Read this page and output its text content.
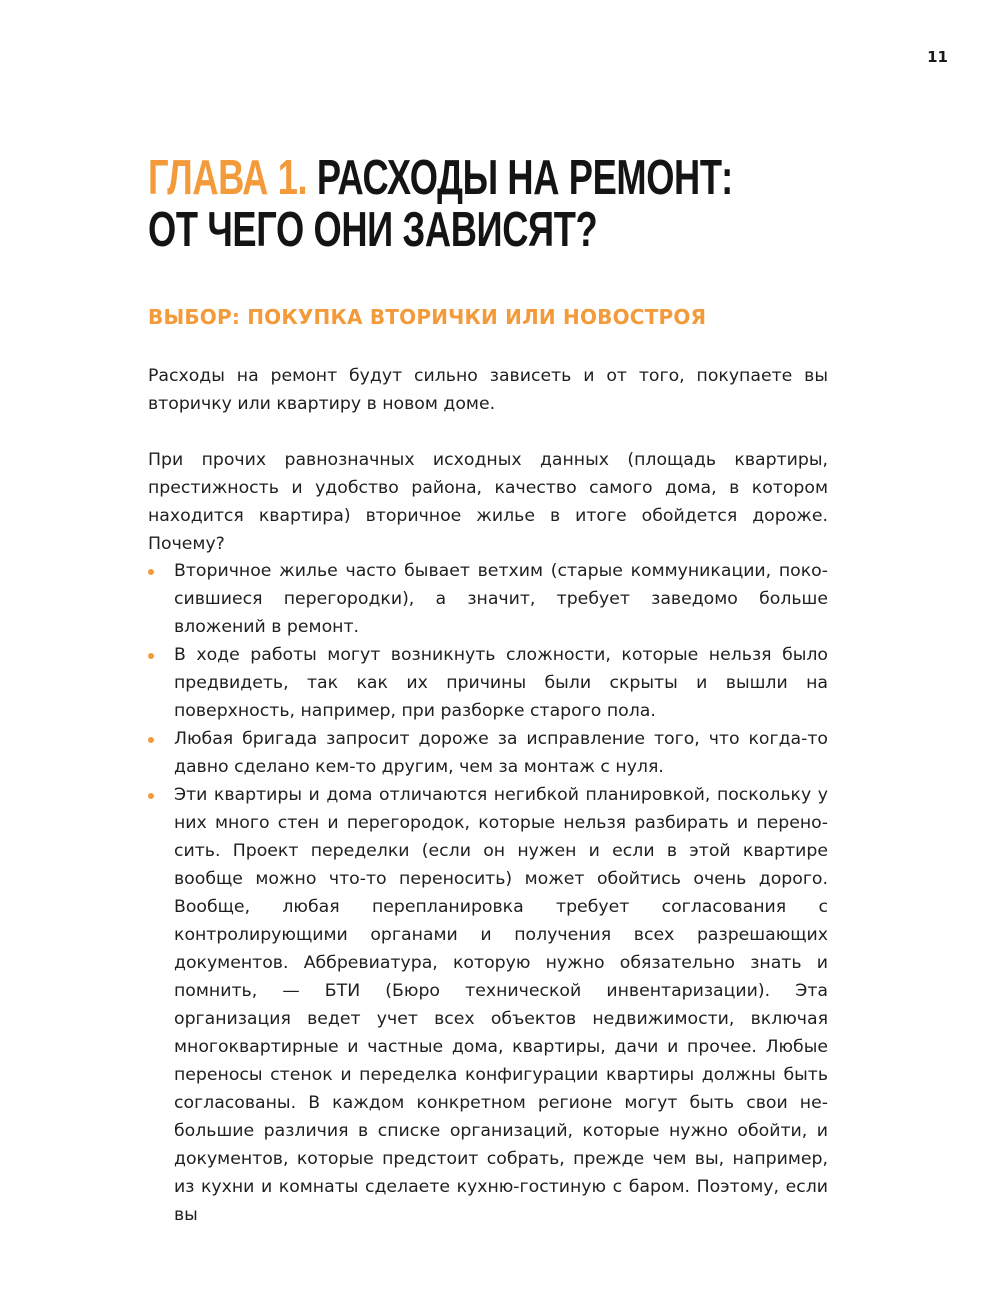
11
ГЛАВА 1. РАСХОДЫ НА РЕМОНТ:
ОТ ЧЕГО ОНИ ЗАВИСЯТ?
ВЫБОР: ПОКУПКА ВТОРИЧКИ ИЛИ НОВОСТРОЯ

Расходы на ремонт будут сильно зависеть и от того, покупаете вы вторичку или квартиру в новом доме.

При прочих равнозначных исходных данных (площадь квартиры, престижность и удобство района, качество самого дома, в котором находится квартира) вторичное жилье в итоге обойдется дороже. Почему?

Вторичное жилье часто бывает ветхим (старые коммуникации, покосившиеся перегородки), а значит, требует заведомо больше вложений в ремонт.
В ходе работы могут возникнуть сложности, которые нельзя было предвидеть, так как их причины были скрыты и вышли на поверхность, например, при разборке старого пола.
Любая бригада запросит дороже за исправление того, что когда-то давно сделано кем-то другим, чем за монтаж с нуля.
Эти квартиры и дома отличаются негибкой планировкой, поскольку у них много стен и перегородок, которые нельзя разбирать и переносить. Проект переделки (если он нужен и если в этой квартире вообще можно что-то переносить) может обойтись очень дорого. Вообще, любая перепланировка требует согласования с контролирующими органами и получения всех разрешающих документов. Аббревиатура, которую нужно обязательно знать и помнить, — БТИ (Бюро технической инвентаризации). Эта организация ведет учет всех объектов недвижимости, включая многоквартирные и частные дома, квартиры, дачи и прочее. Любые переносы стенок и переделка конфигурации квартиры должны быть согласованы. В каждом конкретном регионе могут быть свои небольшие различия в списке организаций, которые нужно обойти, и документов, которые предстоит собрать, прежде чем вы, например, из кухни и комнаты сделаете кухню-гостиную с баром. Поэтому, если вы
